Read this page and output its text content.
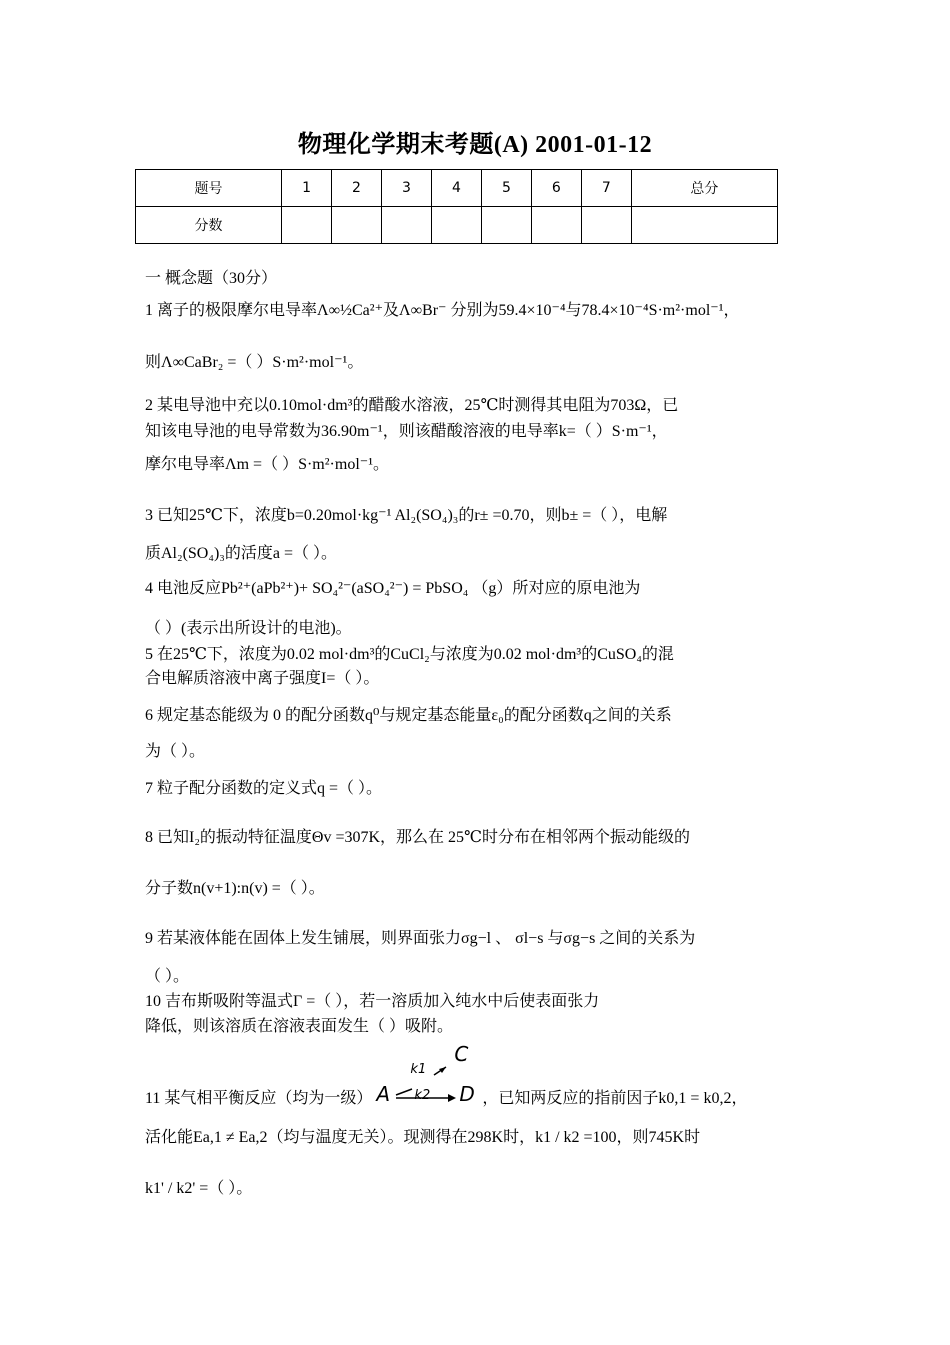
物理化学期末考题(A) 2001-01-12
题号	1	2	3	4	5	6	7	总分
分数								
一 概念题（30分）
1 离子的极限摩尔电导率Λ∞½Ca²⁺及Λ∞Br⁻ 分别为59.4×10⁻⁴与78.4×10⁻⁴S·m²·mol⁻¹，
则Λ∞CaBr₂ =（ ）S·m²·mol⁻¹。
2 某电导池中充以0.10mol·dm³的醋酸水溶液，25℃时测得其电阻为703Ω，已
知该电导池的电导常数为36.90m⁻¹，则该醋酸溶液的电导率k=（ ）S·m⁻¹，
摩尔电导率Λm =（ ）S·m²·mol⁻¹。
3 已知25℃下，浓度b=0.20mol·kg⁻¹ Al₂(SO₄)₃的r± =0.70，则b± =（ ），电解
质Al₂(SO₄)₃的活度a =（ ）。
4 电池反应Pb²⁺(aPb²⁺)+ SO₄²⁻(aSO₄²⁻) = PbSO₄ （g）所对应的原电池为
（ ）(表示出所设计的电池)。
5 在25℃下，浓度为0.02 mol·dm³的CuCl₂与浓度为0.02 mol·dm³的CuSO₄的混
合电解质溶液中离子强度I=（ ）。
6 规定基态能级为 0 的配分函数q⁰与规定基态能量ε₀的配分函数q之间的关系
为（ ）。
7 粒子配分函数的定义式q =（ ）。
8 已知I₂的振动特征温度Θv =307K，那么在 25℃时分布在相邻两个振动能级的
分子数n(v+1):n(v) =（ ）。
9 若某液体能在固体上发生铺展，则界面张力σg−l 、 σl−s 与σg−s 之间的关系为
（ ）。
10 吉布斯吸附等温式Γ =（ ），若一溶质加入纯水中后使表面张力
降低，则该溶质在溶液表面发生（ ）吸附。
11 某气相平衡反应（均为一级） A
k1
C
k2 D ，已知两反应的指前因子k0,1 = k0,2，
活化能Ea,1 ≠ Ea,2（均与温度无关）。现测得在298K时，k1 / k2 =100，则745K时
k1' / k2' =（ ）。
